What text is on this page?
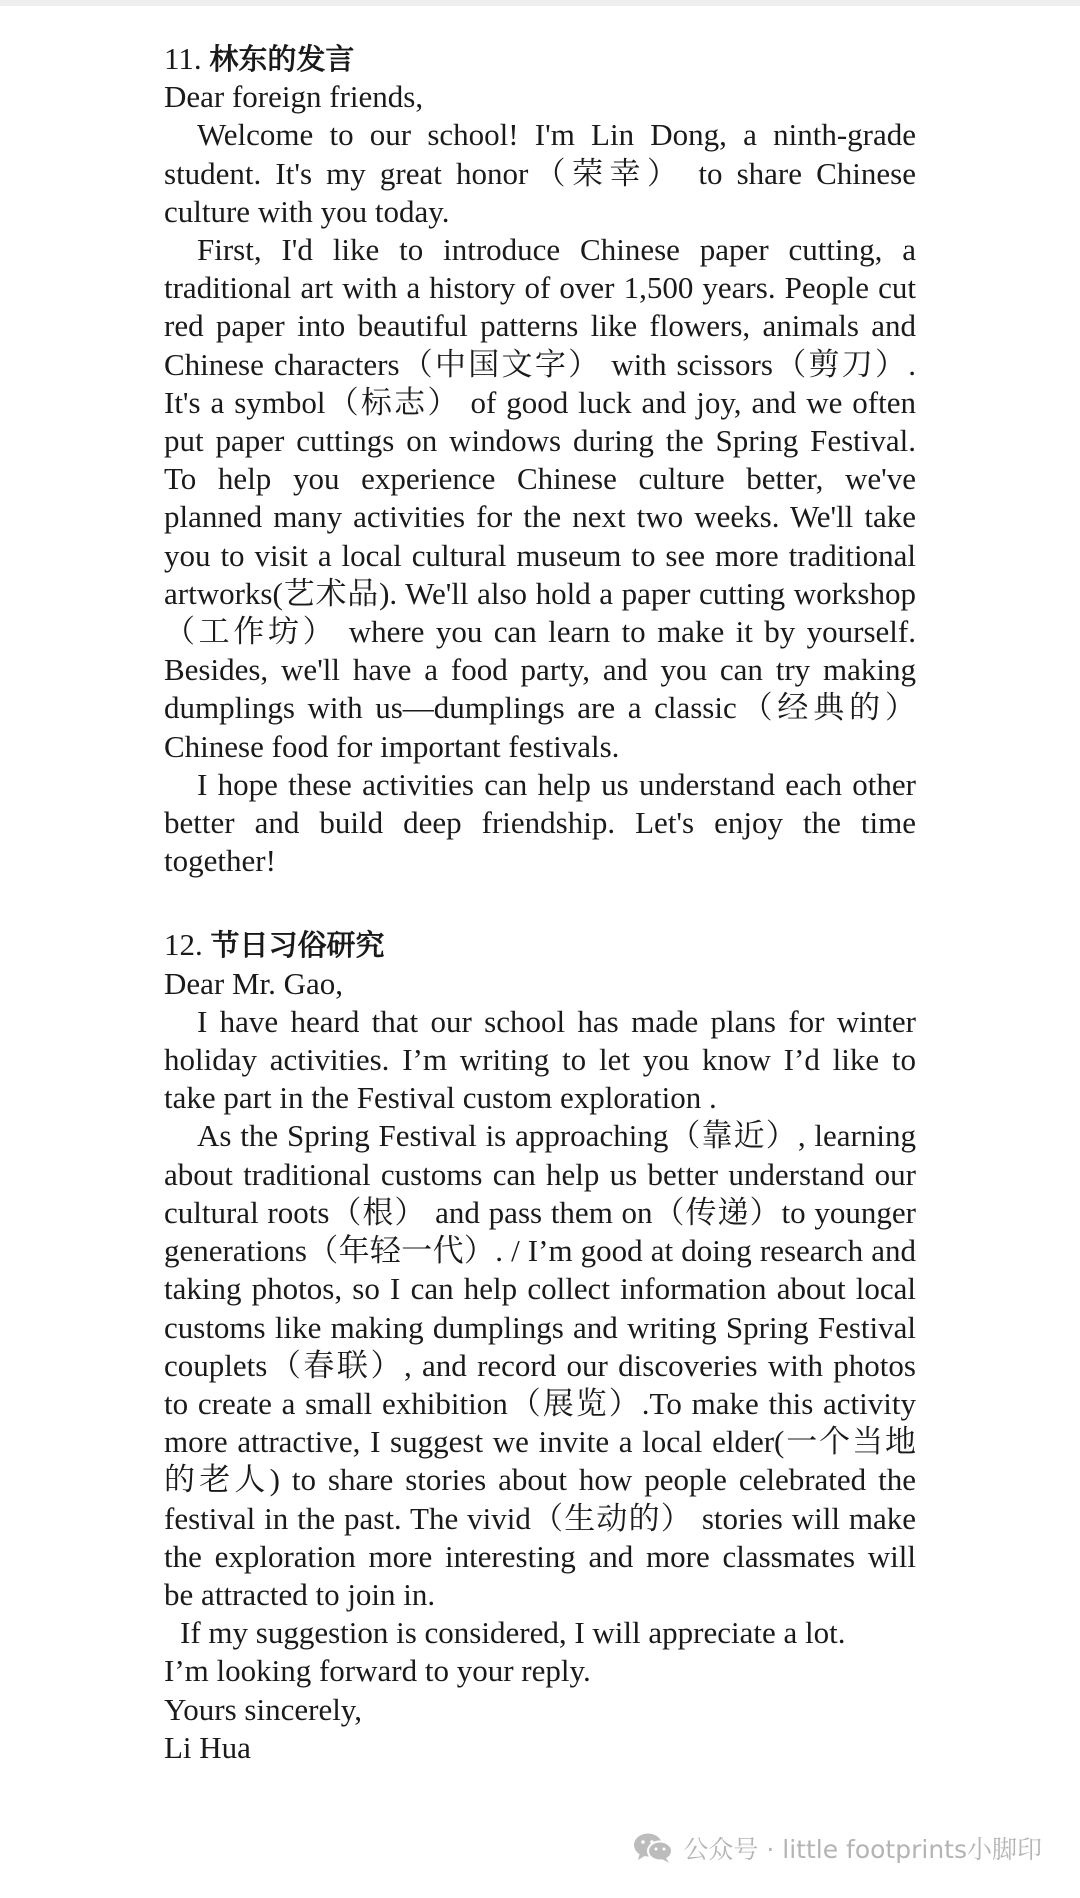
11. 林东的发言

Dear foreign friends,

Welcome to our school! I'm Lin Dong, a ninth-grade student. It's my great honor（荣幸） to share Chinese culture with you today.

First, I'd like to introduce Chinese paper cutting, a traditional art with a history of over 1,500 years. People cut red paper into beautiful patterns like flowers, animals and Chinese characters（中国文字） with scissors（剪刀）. It's a symbol（标志） of good luck and joy, and we often put paper cuttings on windows during the Spring Festival. To help you experience Chinese culture better, we've planned many activities for the next two weeks. We'll take you to visit a local cultural museum to see more traditional artworks(艺术品). We'll also hold a paper cutting workshop（工作坊） where you can learn to make it by yourself. Besides, we'll have a food party, and you can try making dumplings with us—dumplings are a classic（经典的） Chinese food for important festivals.

I hope these activities can help us understand each other better and build deep friendship. Let's enjoy the time together!

12. 节日习俗研究

Dear Mr. Gao,

I have heard that our school has made plans for winter holiday activities. I’m writing to let you know I’d like to take part in the Festival custom exploration .

As the Spring Festival is approaching（靠近）, learning about traditional customs can help us better understand our cultural roots（根） and pass them on（传递）to younger generations（年轻一代）. / I’m good at doing research and taking photos, so I can help collect information about local customs like making dumplings and writing Spring Festival couplets（春联）, and record our discoveries with photos to create a small exhibition（展览）.To make this activity more attractive, I suggest we invite a local elder(一个当地的老人) to share stories about how people celebrated the festival in the past. The vivid（生动的） stories will make the exploration more interesting and more classmates will be attracted to join in.

If my suggestion is considered, I will appreciate a lot.

I’m looking forward to your reply.

Yours sincerely,

Li Hua

公众号 · little footprints小脚印
